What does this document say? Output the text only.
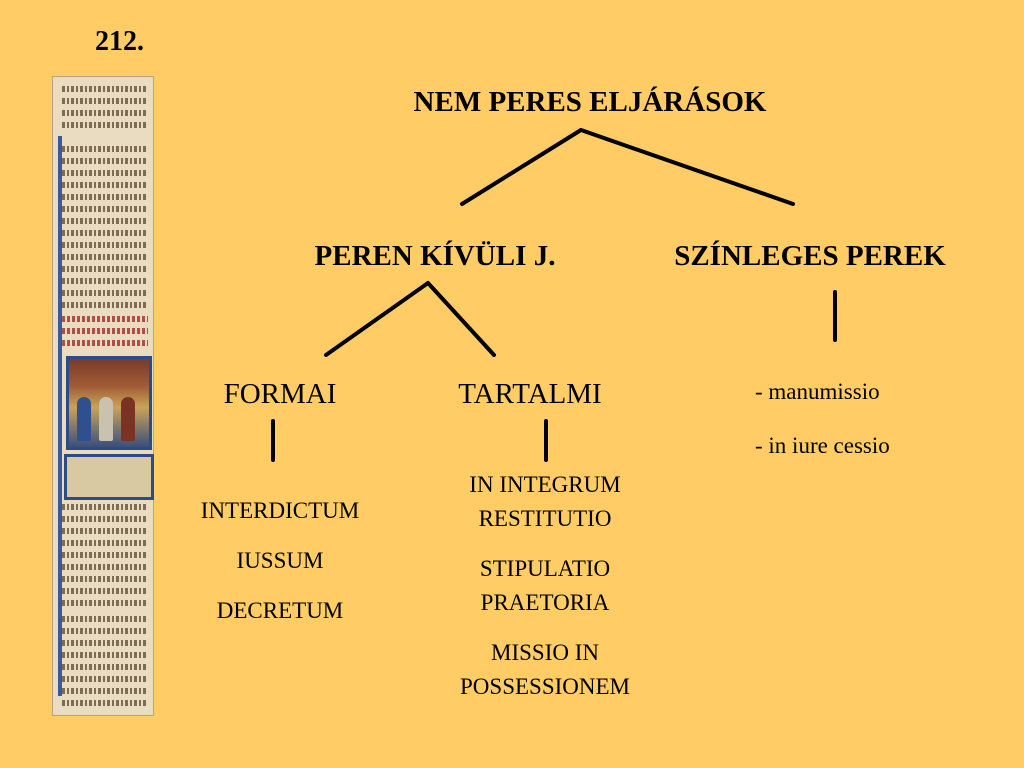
212.
NEM PERES ELJÁRÁSOK
PEREN KÍVÜLI J.	SZÍNLEGES PEREK
FORMAI	TARTALMI
INTERDICTUM
IUSSUM
DECRETUM
IN INTEGRUM
RESTITUTIO
STIPULATIO
PRAETORIA
MISSIO IN
POSSESSIONEM
- manumissio
- in iure cessio
